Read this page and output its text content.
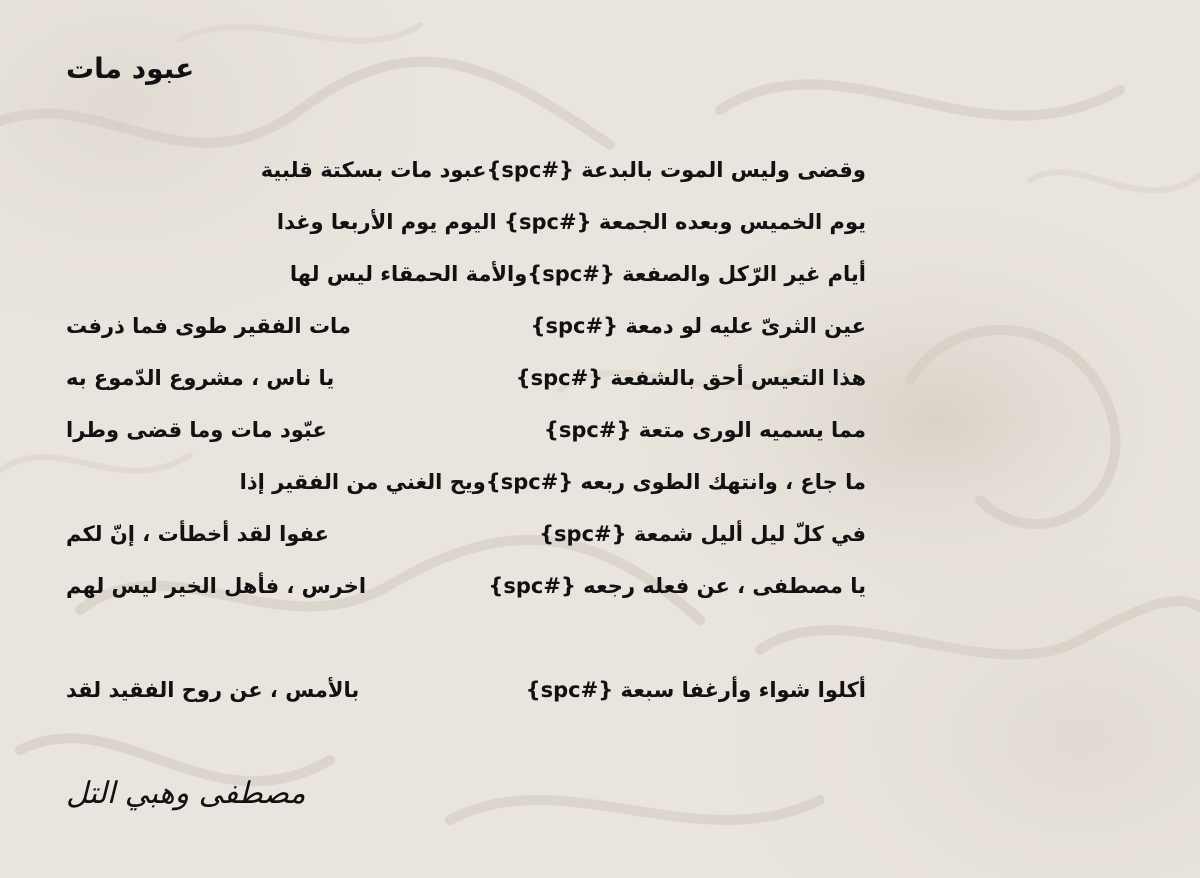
عبود مات
وقضى وليس الموت بالبدعة {#spc}عبود مات بسكتة قلبية
يوم الخميس وبعده الجمعة {#spc} اليوم يوم الأربعا وغدا
أيام غير الرّكل والصفعة {#spc}والأمة الحمقاء ليس لها
عين الثرىّ عليه لو دمعة {#spc}
مات الفقير طوى فما ذرفت
هذا التعيس أحق بالشفعة {#spc}
يا ناس ، مشروع الدّموع به
مما يسميه الورى متعة {#spc}
عبّود مات وما قضى وطرا
ما جاع ، وانتهك الطوى ربعه {#spc}ويح الغني من الفقير إذا
في كلّ ليل أليل شمعة {#spc}
عفوا لقد أخطأت ، إنّ لكم
يا مصطفى ، عن فعله رجعه {#spc}
اخرس ، فأهل الخير ليس لهم
أكلوا شواء وأرغفا سبعة {#spc}
بالأمس ، عن روح الفقيد لقد
مصطفى وهبي التل
